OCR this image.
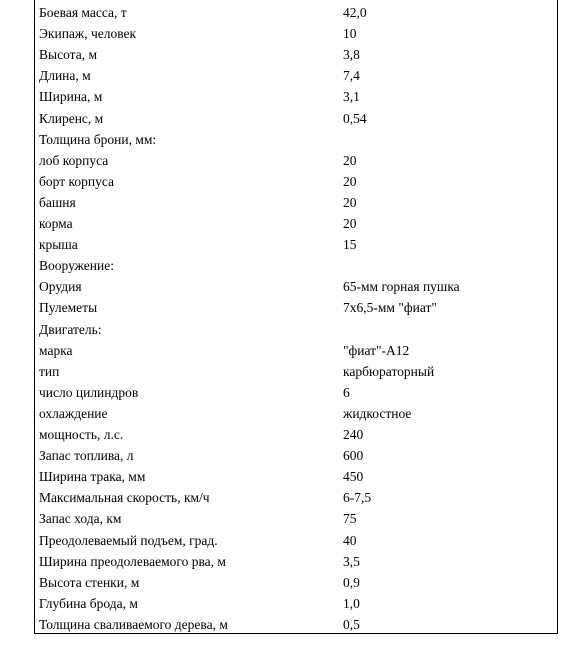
Боевая масса, т	42,0
Экипаж, человек	10
Высота, м	3,8
Длина, м	7,4
Ширина, м	3,1
Клиренс, м	0,54
Толщина брони, мм:
лоб корпуса	20
борт корпуса	20
башня	20
корма	20
крыша	15
Вооружение:
Орудия	65-мм горная пушка
Пулеметы	7х6,5-мм "фиат"
Двигатель:
марка	"фиат"-А12
тип	карбюраторный
число цилиндров	6
охлаждение	жидкостное
мощность, л.с.	240
Запас топлива, л	600
Ширина трака, мм	450
Максимальная скорость, км/ч	6-7,5
Запас хода, км	75
Преодолеваемый подъем, град.	40
Ширина преодолеваемого рва, м	3,5
Высота стенки, м	0,9
Глубина брода, м	1,0
Толщина сваливаемого дерева, м	0,5
